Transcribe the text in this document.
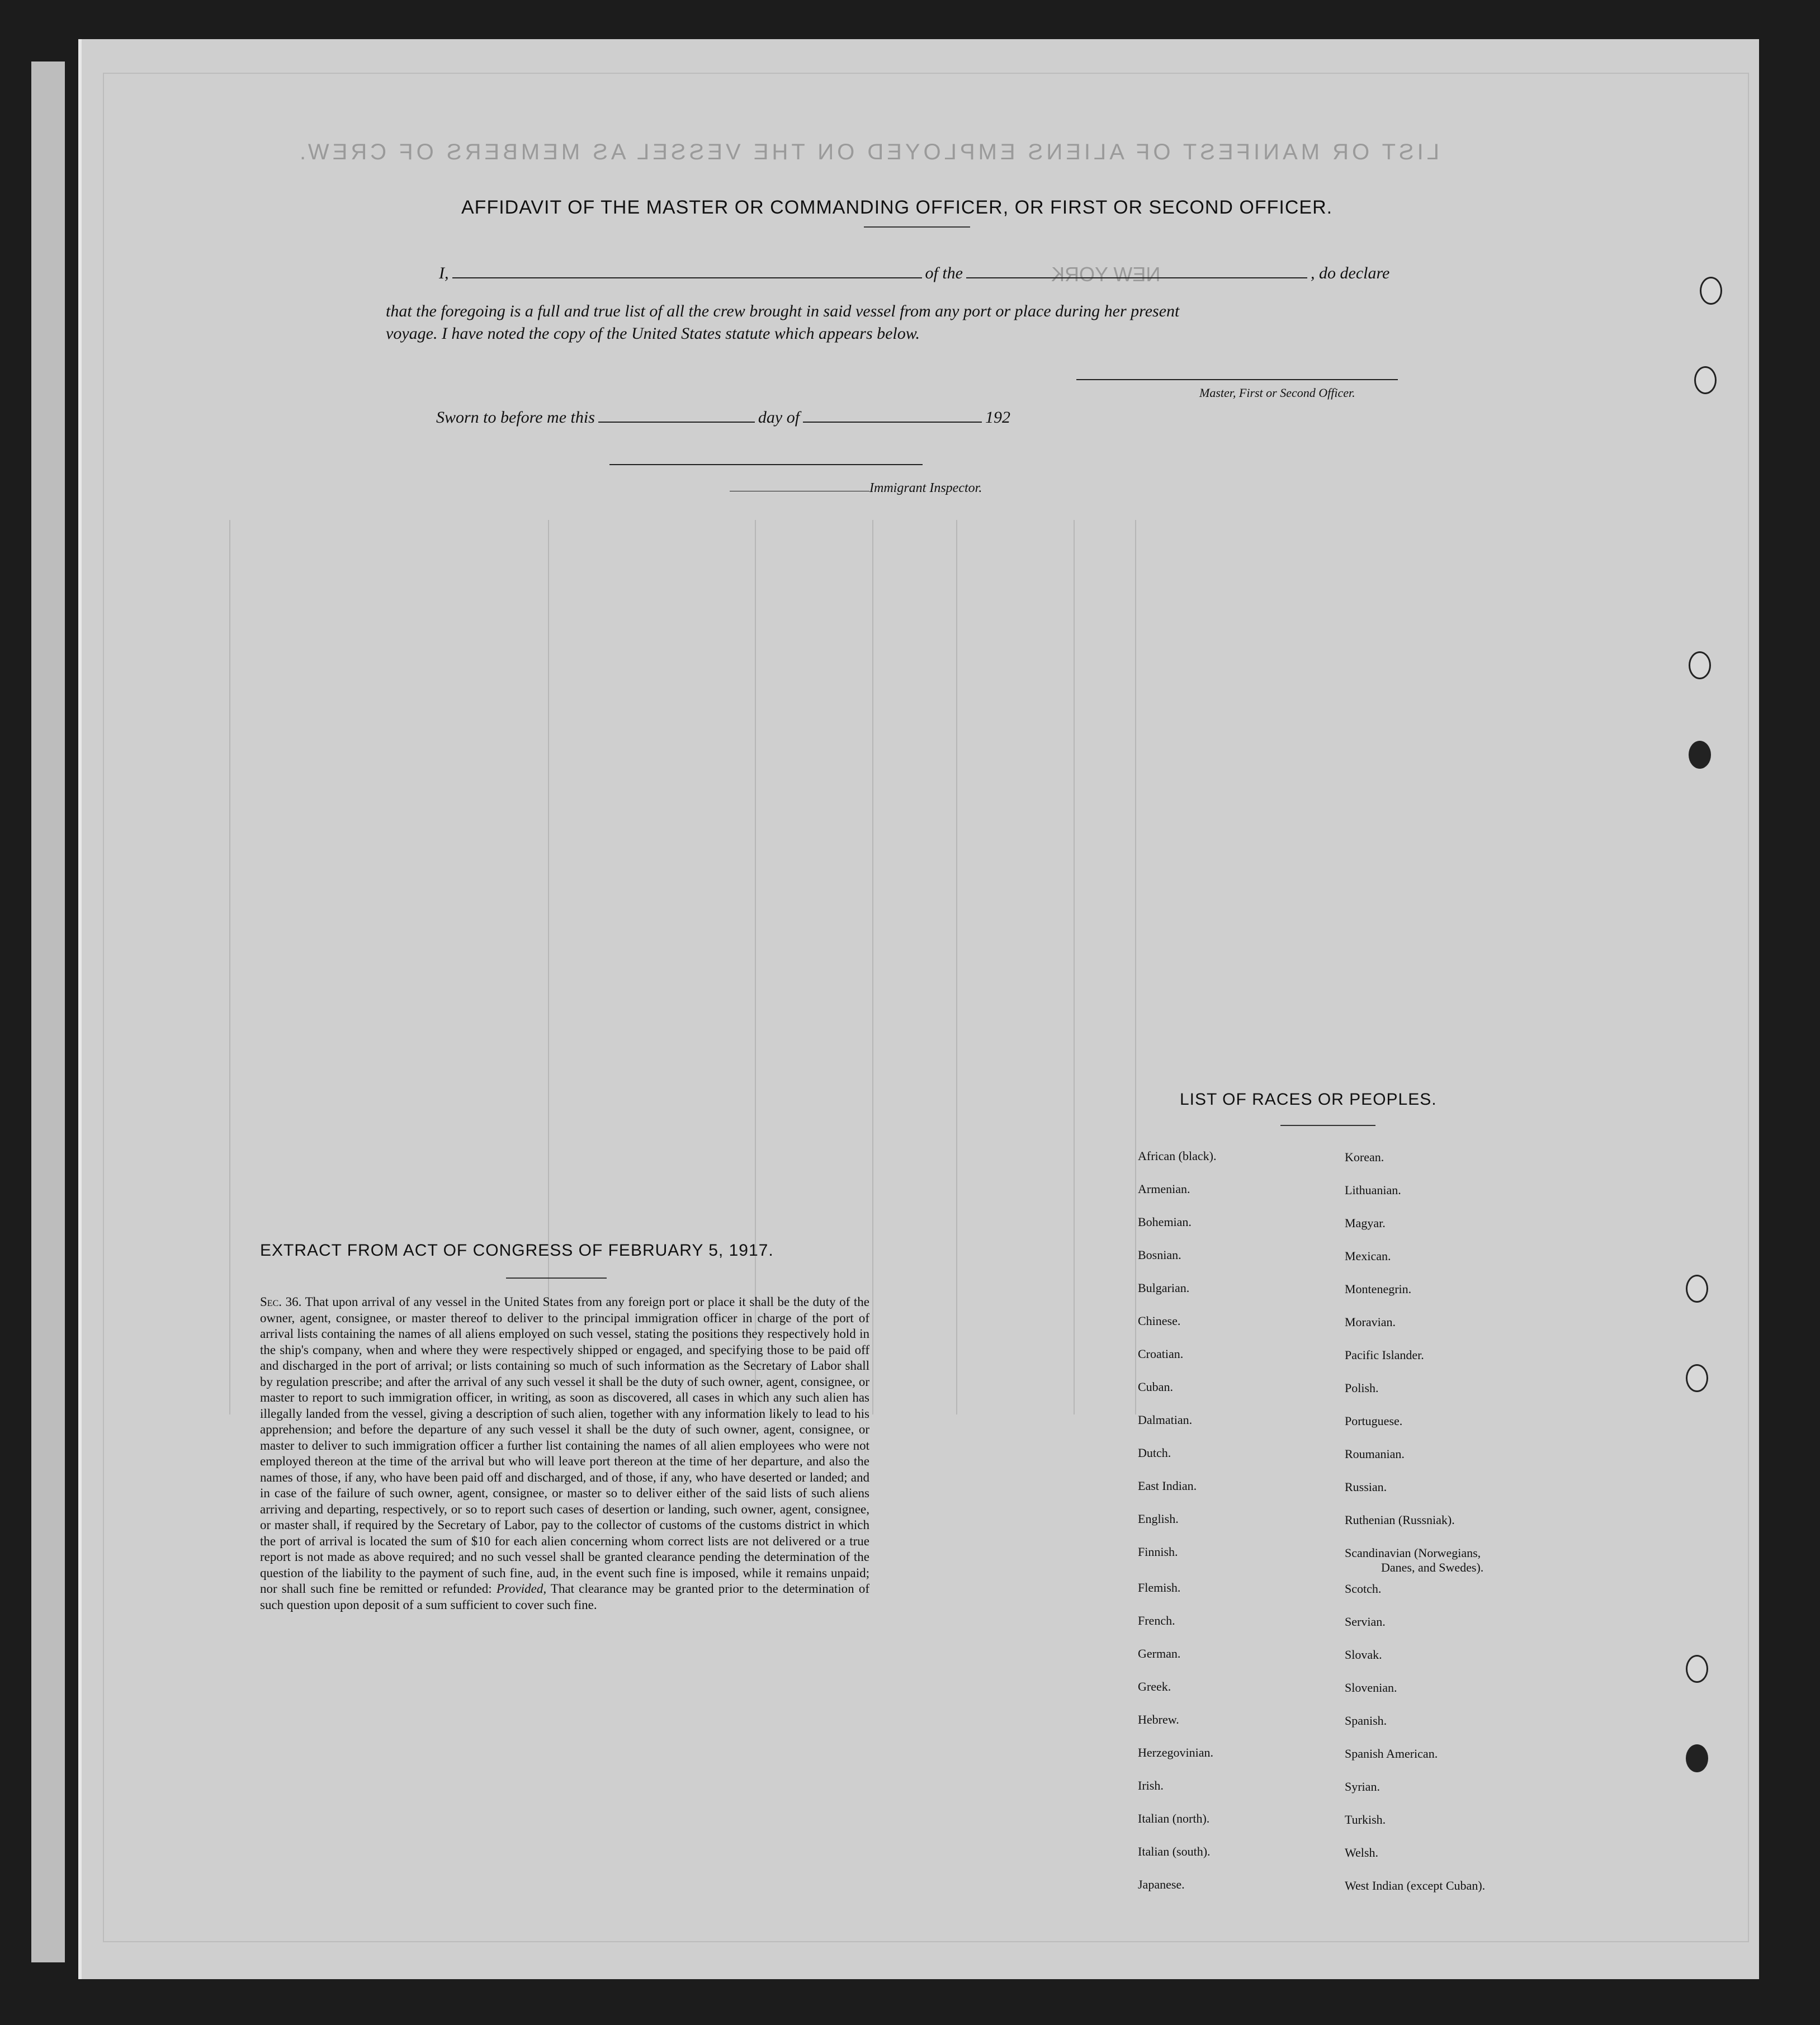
LIST OR MANIFEST OF ALIENS EMPLOYED ON THE VESSEL AS MEMBERS OF CREW.
NEW YORK
AFFIDAVIT OF THE MASTER OR COMMANDING OFFICER, OR FIRST OR SECOND OFFICER.
I,	of the	, do declare
that the foregoing is a full and true list of all the crew brought in said vessel from any port or place during her present
voyage. I have noted the copy of the United States statute which appears below.
Master, First or Second Officer.
Sworn to before me this	day of	192
Immigrant Inspector.
EXTRACT FROM ACT OF CONGRESS OF FEBRUARY 5, 1917.
Sec. 36. That upon arrival of any vessel in the United States from any foreign port or place it shall be the duty of the owner, agent, consignee, or master thereof to deliver to the principal immigration officer in charge of the port of arrival lists containing the names of all aliens employed on such vessel, stating the positions they respectively hold in the ship's company, when and where they were respectively shipped or engaged, and specifying those to be paid off and discharged in the port of arrival; or lists containing so much of such information as the Secretary of Labor shall by regulation prescribe; and after the arrival of any such vessel it shall be the duty of such owner, agent, consignee, or master to report to such immigration officer, in writing, as soon as discovered, all cases in which any such alien has illegally landed from the vessel, giving a description of such alien, together with any information likely to lead to his apprehension; and before the departure of any such vessel it shall be the duty of such owner, agent, consignee, or master to deliver to such immigration officer a further list containing the names of all alien employees who were not employed thereon at the time of the arrival but who will leave port thereon at the time of her departure, and also the names of those, if any, who have been paid off and discharged, and of those, if any, who have deserted or landed; and in case of the failure of such owner, agent, consignee, or master so to deliver either of the said lists of such aliens arriving and departing, respectively, or so to report such cases of desertion or landing, such owner, agent, consignee, or master shall, if required by the Secretary of Labor, pay to the collector of customs of the customs district in which the port of arrival is located the sum of $10 for each alien concerning whom correct lists are not delivered or a true report is not made as above required; and no such vessel shall be granted clearance pending the determination of the question of the liability to the payment of such fine, aud, in the event such fine is imposed, while it remains unpaid; nor shall such fine be remitted or refunded: Provided, That clearance may be granted prior to the determination of such question upon deposit of a sum sufficient to cover such fine.
LIST OF RACES OR PEOPLES.
African (black).
Armenian.
Bohemian.
Bosnian.
Bulgarian.
Chinese.
Croatian.
Cuban.
Dalmatian.
Dutch.
East Indian.
English.
Finnish.
Flemish.
French.
German.
Greek.
Hebrew.
Herzegovinian.
Irish.
Italian (north).
Italian (south).
Japanese.
Korean.
Lithuanian.
Magyar.
Mexican.
Montenegrin.
Moravian.
Pacific Islander.
Polish.
Portuguese.
Roumanian.
Russian.
Ruthenian (Russniak).
Scandinavian (Norwegians,
Danes, and Swedes).
Scotch.
Servian.
Slovak.
Slovenian.
Spanish.
Spanish American.
Syrian.
Turkish.
Welsh.
West Indian (except Cuban).
